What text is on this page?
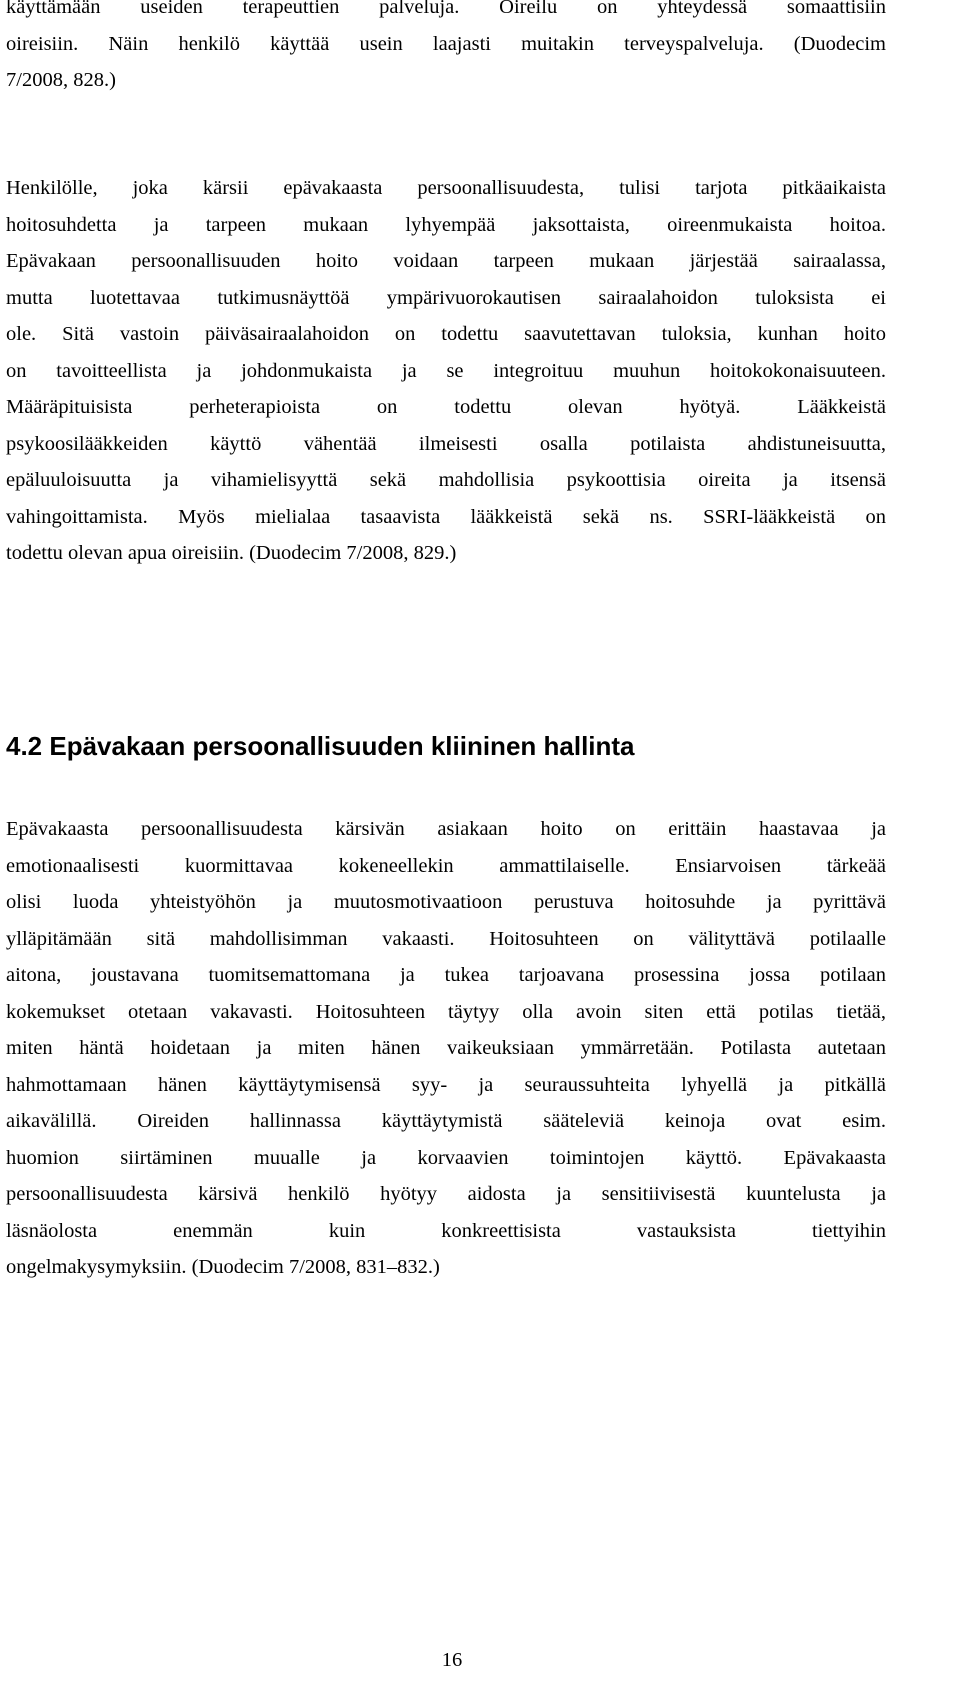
käyttämään useiden terapeuttien palveluja. Oireilu on yhteydessä somaattisiin
oireisiin. Näin henkilö käyttää usein laajasti muitakin terveyspalveluja. (Duodecim
7/2008, 828.)
Henkilölle, joka kärsii epävakaasta persoonallisuudesta, tulisi tarjota pitkäaikaista
hoitosuhdetta ja tarpeen mukaan lyhyempää jaksottaista, oireenmukaista hoitoa.
Epävakaan persoonallisuuden hoito voidaan tarpeen mukaan järjestää sairaalassa,
mutta luotettavaa tutkimusnäyttöä ympärivuorokautisen sairaalahoidon tuloksista ei
ole. Sitä vastoin päiväsairaalahoidon on todettu saavutettavan tuloksia, kunhan hoito
on tavoitteellista ja johdonmukaista ja se integroituu muuhun hoitokokonaisuuteen.
Määräpituisista perheterapioista on todettu olevan hyötyä. Lääkkeistä
psykoosilääkkeiden käyttö vähentää ilmeisesti osalla potilaista ahdistuneisuutta,
epäluuloisuutta ja vihamielisyyttä sekä mahdollisia psykoottisia oireita ja itsensä
vahingoittamista. Myös mielialaa tasaavista lääkkeistä sekä ns. SSRI-lääkkeistä on
todettu olevan apua oireisiin. (Duodecim 7/2008, 829.)
4.2 Epävakaan persoonallisuuden kliininen hallinta
Epävakaasta persoonallisuudesta kärsivän asiakaan hoito on erittäin haastavaa ja
emotionaalisesti kuormittavaa kokeneellekin ammattilaiselle. Ensiarvoisen tärkeää
olisi luoda yhteistyöhön ja muutosmotivaatioon perustuva hoitosuhde ja pyrittävä
ylläpitämään sitä mahdollisimman vakaasti. Hoitosuhteen on välityttävä potilaalle
aitona, joustavana tuomitsemattomana ja tukea tarjoavana prosessina jossa potilaan
kokemukset otetaan vakavasti. Hoitosuhteen täytyy olla avoin siten että potilas tietää,
miten häntä hoidetaan ja miten hänen vaikeuksiaan ymmärretään. Potilasta autetaan
hahmottamaan hänen käyttäytymisensä syy- ja seuraussuhteita lyhyellä ja pitkällä
aikavälillä. Oireiden hallinnassa käyttäytymistä sääteleviä keinoja ovat esim.
huomion siirtäminen muualle ja korvaavien toimintojen käyttö. Epävakaasta
persoonallisuudesta kärsivä henkilö hyötyy aidosta ja sensitiivisestä kuuntelusta ja
läsnäolosta enemmän kuin konkreettisista vastauksista tiettyihin
ongelmakysymyksiin. (Duodecim 7/2008, 831–832.)
16
